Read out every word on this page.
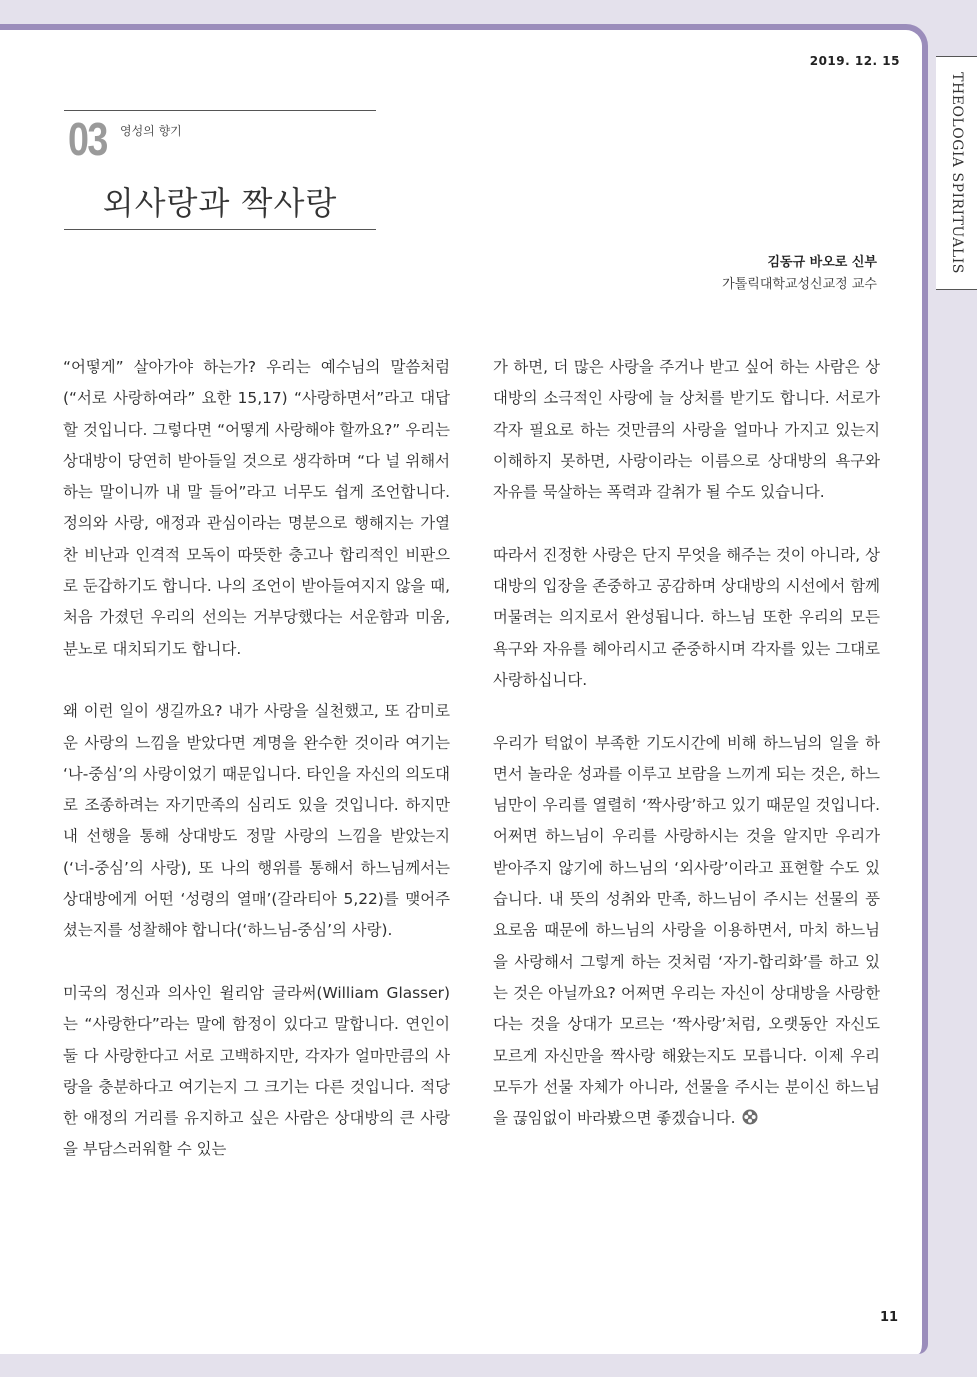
THEOLOGIA SPIRITUALIS
2019. 12. 15
03 영성의 향기
외사랑과 짝사랑
김동규 바오로 신부
가톨릭대학교성신교정 교수

“어떻게” 살아가야 하는가? 우리는 예수님의 말씀처럼(“서로 사랑하여라” 요한 15,17) “사랑하면서”라고 대답할 것입니다. 그렇다면 “어떻게 사랑해야 할까요?” 우리는 상대방이 당연히 받아들일 것으로 생각하며 “다 널 위해서 하는 말이니까 내 말 들어”라고 너무도 쉽게 조언합니다. 정의와 사랑, 애정과 관심이라는 명분으로 행해지는 가열찬 비난과 인격적 모독이 따뜻한 충고나 합리적인 비판으로 둔갑하기도 합니다. 나의 조언이 받아들여지지 않을 때, 처음 가졌던 우리의 선의는 거부당했다는 서운함과 미움, 분노로 대치되기도 합니다.

왜 이런 일이 생길까요? 내가 사랑을 실천했고, 또 감미로운 사랑의 느낌을 받았다면 계명을 완수한 것이라 여기는 ‘나-중심’의 사랑이었기 때문입니다. 타인을 자신의 의도대로 조종하려는 자기만족의 심리도 있을 것입니다. 하지만 내 선행을 통해 상대방도 정말 사랑의 느낌을 받았는지(‘너-중심’의 사랑), 또 나의 행위를 통해서 하느님께서는 상대방에게 어떤 ‘성령의 열매’(갈라티아 5,22)를 맺어주셨는지를 성찰해야 합니다(‘하느님-중심’의 사랑).

미국의 정신과 의사인 윌리암 글라써(William Glasser)는 “사랑한다”라는 말에 함정이 있다고 말합니다. 연인이 둘 다 사랑한다고 서로 고백하지만, 각자가 얼마만큼의 사랑을 충분하다고 여기는지 그 크기는 다른 것입니다. 적당한 애정의 거리를 유지하고 싶은 사람은 상대방의 큰 사랑을 부담스러워할 수 있는

가 하면, 더 많은 사랑을 주거나 받고 싶어 하는 사람은 상대방의 소극적인 사랑에 늘 상처를 받기도 합니다. 서로가 각자 필요로 하는 것만큼의 사랑을 얼마나 가지고 있는지 이해하지 못하면, 사랑이라는 이름으로 상대방의 욕구와 자유를 묵살하는 폭력과 갈취가 될 수도 있습니다.

따라서 진정한 사랑은 단지 무엇을 해주는 것이 아니라, 상대방의 입장을 존중하고 공감하며 상대방의 시선에서 함께 머물려는 의지로서 완성됩니다. 하느님 또한 우리의 모든 욕구와 자유를 헤아리시고 준중하시며 각자를 있는 그대로 사랑하십니다.

우리가 턱없이 부족한 기도시간에 비해 하느님의 일을 하면서 놀라운 성과를 이루고 보람을 느끼게 되는 것은, 하느님만이 우리를 열렬히 ‘짝사랑’하고 있기 때문일 것입니다. 어쩌면 하느님이 우리를 사랑하시는 것을 알지만 우리가 받아주지 않기에 하느님의 ‘외사랑’이라고 표현할 수도 있습니다. 내 뜻의 성취와 만족, 하느님이 주시는 선물의 풍요로움 때문에 하느님의 사랑을 이용하면서, 마치 하느님을 사랑해서 그렇게 하는 것처럼 ‘자기-합리화’를 하고 있는 것은 아닐까요? 어쩌면 우리는 자신이 상대방을 사랑한다는 것을 상대가 모르는 ‘짝사랑’처럼, 오랫동안 자신도 모르게 자신만을 짝사랑 해왔는지도 모릅니다. 이제 우리 모두가 선물 자체가 아니라, 선물을 주시는 분이신 하느님을 끊임없이 바라봤으면 좋겠습니다.

11
